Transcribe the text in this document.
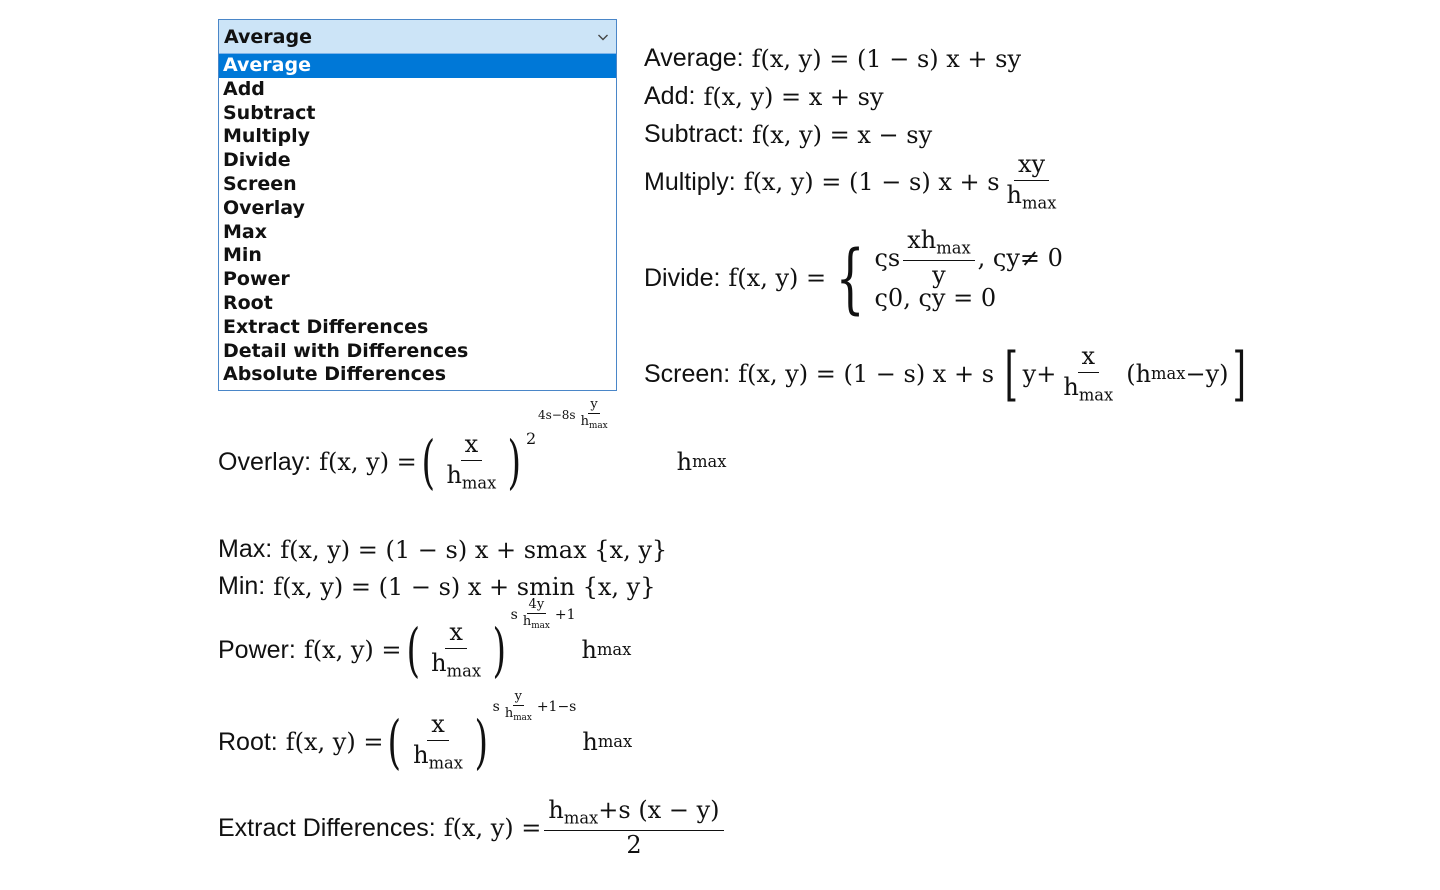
Average
Average
Add
Subtract
Multiply
Divide
Screen
Overlay
Max
Min
Power
Root
Extract Differences
Detail with Differences
Absolute Differences
Average: f(x, y) = (1 − s) x + sy
Add: f(x, y) = x + sy
Subtract: f(x, y) = x − sy
Multiply: f(x, y) = (1 − s) x + s $\frac{xy}{h_{max}}$
Divide: f(x, y) = { ςs $\frac{xh_{max}}{y}$ , ςy≠ 0
ς0, ςy = 0
Screen: f(x, y) = (1 − s) x + s [ $y+ \frac{x}{h_{max}} (h$ max −y) ]
Overlay: f(x, y) = ( $\frac{x}{h_{max}}$ )
$4s-8s \frac{y}{h_{max}}$
2
h max
Max: f(x, y) = (1 − s) x + smax {x, y}
Min: f(x, y) = (1 − s) x + smin {x, y}
Power: f(x, y) = ( $\frac{x}{h_{max}}$ )
s $\frac{4y}{h_{max}} +1$
h max
Root: f(x, y) = ( $\frac{x}{h_{max}}$ )
s $\frac{y}{h_{max}} +1-s$
h max
Extract Differences: f(x, $y) = \frac{h_{max}+s (x - y)}{2}$
